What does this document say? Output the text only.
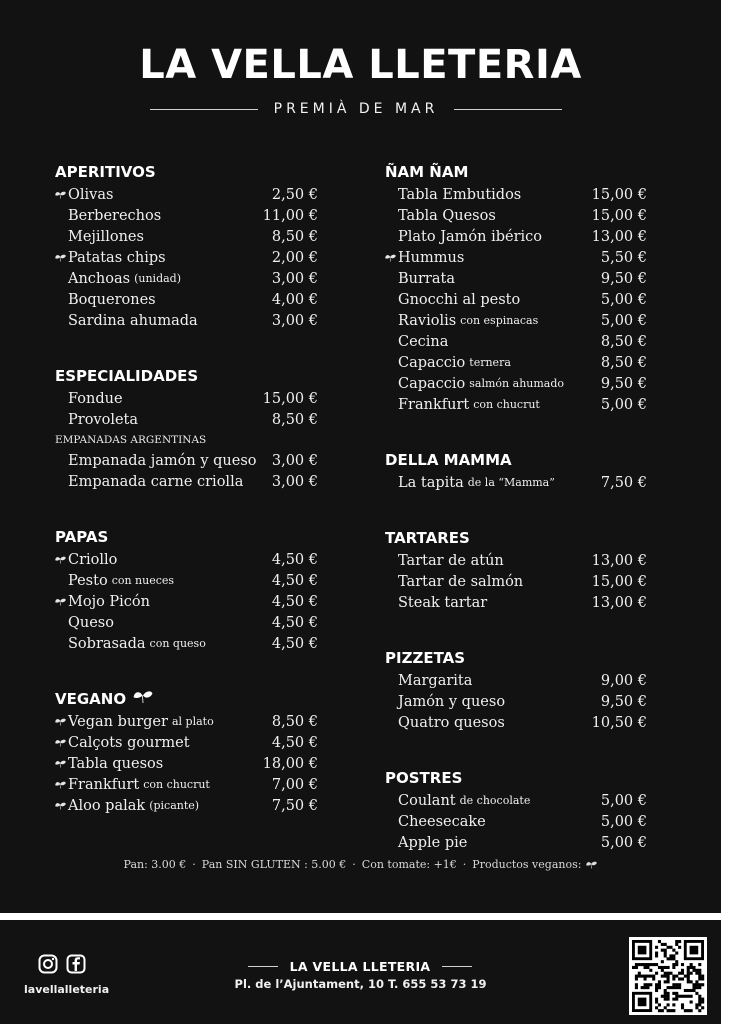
LA VELLA LLETERIA
PREMIÀ DE MAR
APERITIVOS
Olivas	2,50 €
Berberechos	11,00 €
Mejillones	8,50 €
Patatas chips	2,00 €
Anchoas (unidad)	3,00 €
Boquerones	4,00 €
Sardina ahumada	3,00 €
ESPECIALIDADES
Fondue	15,00 €
Provoleta	8,50 €
EMPANADAS ARGENTINAS
Empanada jamón y queso 3,00 €
Empanada carne criolla 3,00 €
PAPAS
Criollo	4,50 €
Pesto con nueces	4,50 €
Mojo Picón	4,50 €
Queso	4,50 €
Sobrasada con queso	4,50 €
VEGANO
Vegan burger al plato	8,50 €
Calçots gourmet	4,50 €
Tabla quesos	18,00 €
Frankfurt con chucrut	7,00 €
Aloo palak (picante)	7,50 €
ÑAM ÑAM
Tabla Embutidos	15,00 €
Tabla Quesos	15,00 €
Plato Jamón ibérico	13,00 €
Hummus	5,50 €
Burrata	9,50 €
Gnocchi al pesto	5,00 €
Raviolis con espinacas	5,00 €
Cecina	8,50 €
Capaccio ternera	8,50 €
Capaccio salmón ahumado	9,50 €
Frankfurt con chucrut	5,00 €
DELLA MAMMA
La tapita de la “Mamma”	7,50 €
TARTARES
Tartar de atún	13,00 €
Tartar de salmón	15,00 €
Steak tartar	13,00 €
PIZZETAS
Margarita	9,00 €
Jamón y queso	9,50 €
Quatro quesos	10,50 €
POSTRES
Coulant de chocolate	5,00 €
Cheesecake	5,00 €
Apple pie	5,00 €
Pan: 3.00 € · Pan SIN GLUTEN : 5.00 € · Con tomate: +1€ · Productos veganos:
lavellalleteria
LA VELLA LLETERIA
Pl. de l’Ajuntament, 10 T. 655 53 73 19
